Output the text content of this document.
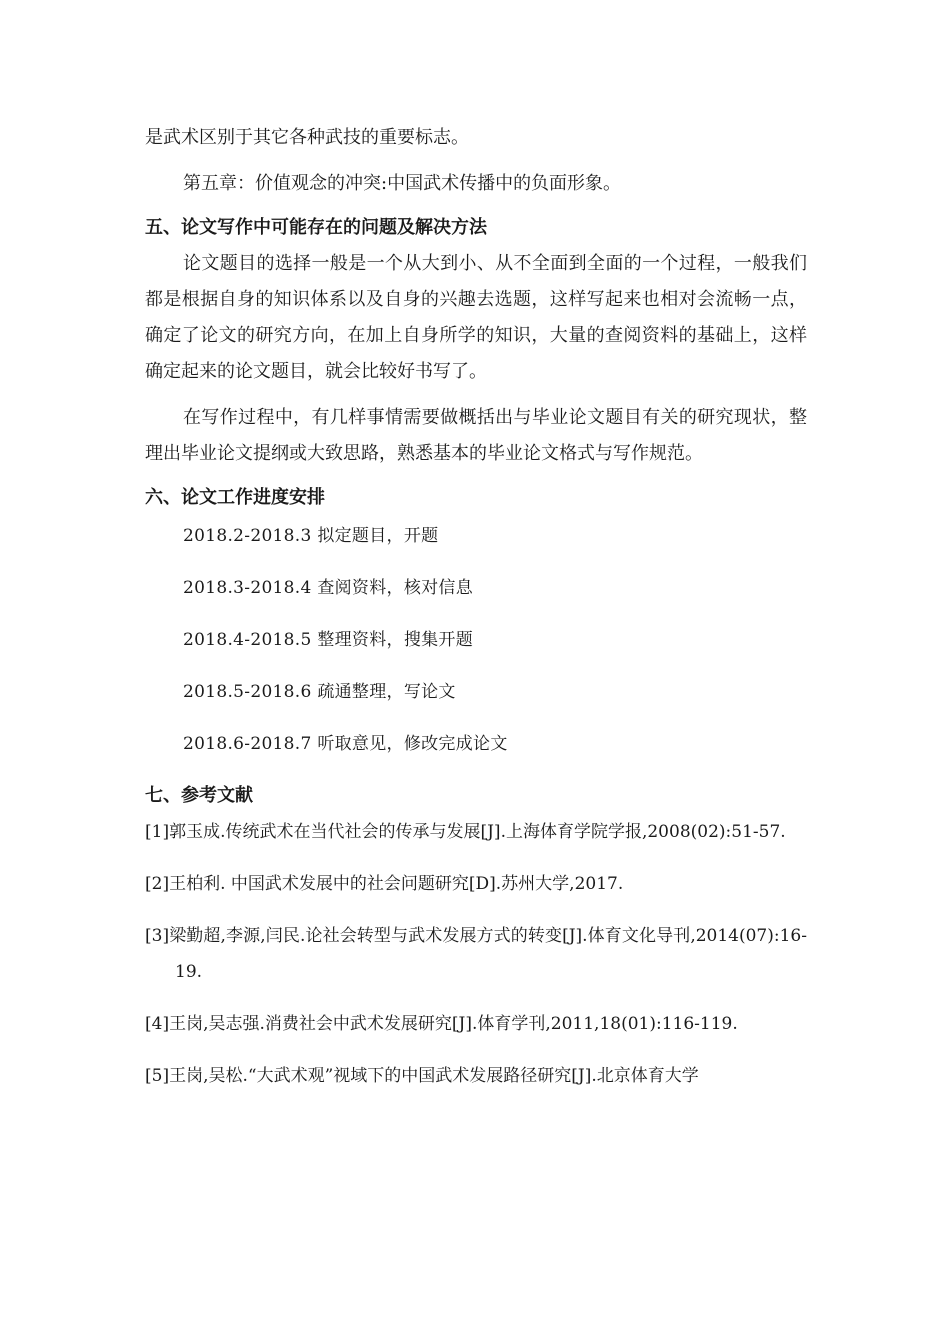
是武术区别于其它各种武技的重要标志。

第五章：价值观念的冲突:中国武术传播中的负面形象。

五、论文写作中可能存在的问题及解决方法

论文题目的选择一般是一个从大到小、从不全面到全面的一个过程，一般我们都是根据自身的知识体系以及自身的兴趣去选题，这样写起来也相对会流畅一点，确定了论文的研究方向，在加上自身所学的知识，大量的查阅资料的基础上，这样确定起来的论文题目，就会比较好书写了。

在写作过程中，有几样事情需要做概括出与毕业论文题目有关的研究现状，整理出毕业论文提纲或大致思路，熟悉基本的毕业论文格式与写作规范。

六、论文工作进度安排
2018.2-2018.3 拟定题目，开题
2018.3-2018.4 查阅资料，核对信息
2018.4-2018.5 整理资料，搜集开题
2018.5-2018.6 疏通整理，写论文
2018.6-2018.7 听取意见，修改完成论文
七、参考文献
[1]郭玉成.传统武术在当代社会的传承与发展[J].上海体育学院学报,2008(02):51-57.
[2]王柏利. 中国武术发展中的社会问题研究[D].苏州大学,2017.
[3]梁勤超,李源,闫民.论社会转型与武术发展方式的转变[J].体育文化导刊,2014(07):16-19.
[4]王岗,吴志强.消费社会中武术发展研究[J].体育学刊,2011,18(01):116-119.
[5]王岗,吴松.“大武术观”视域下的中国武术发展路径研究[J].北京体育大学
